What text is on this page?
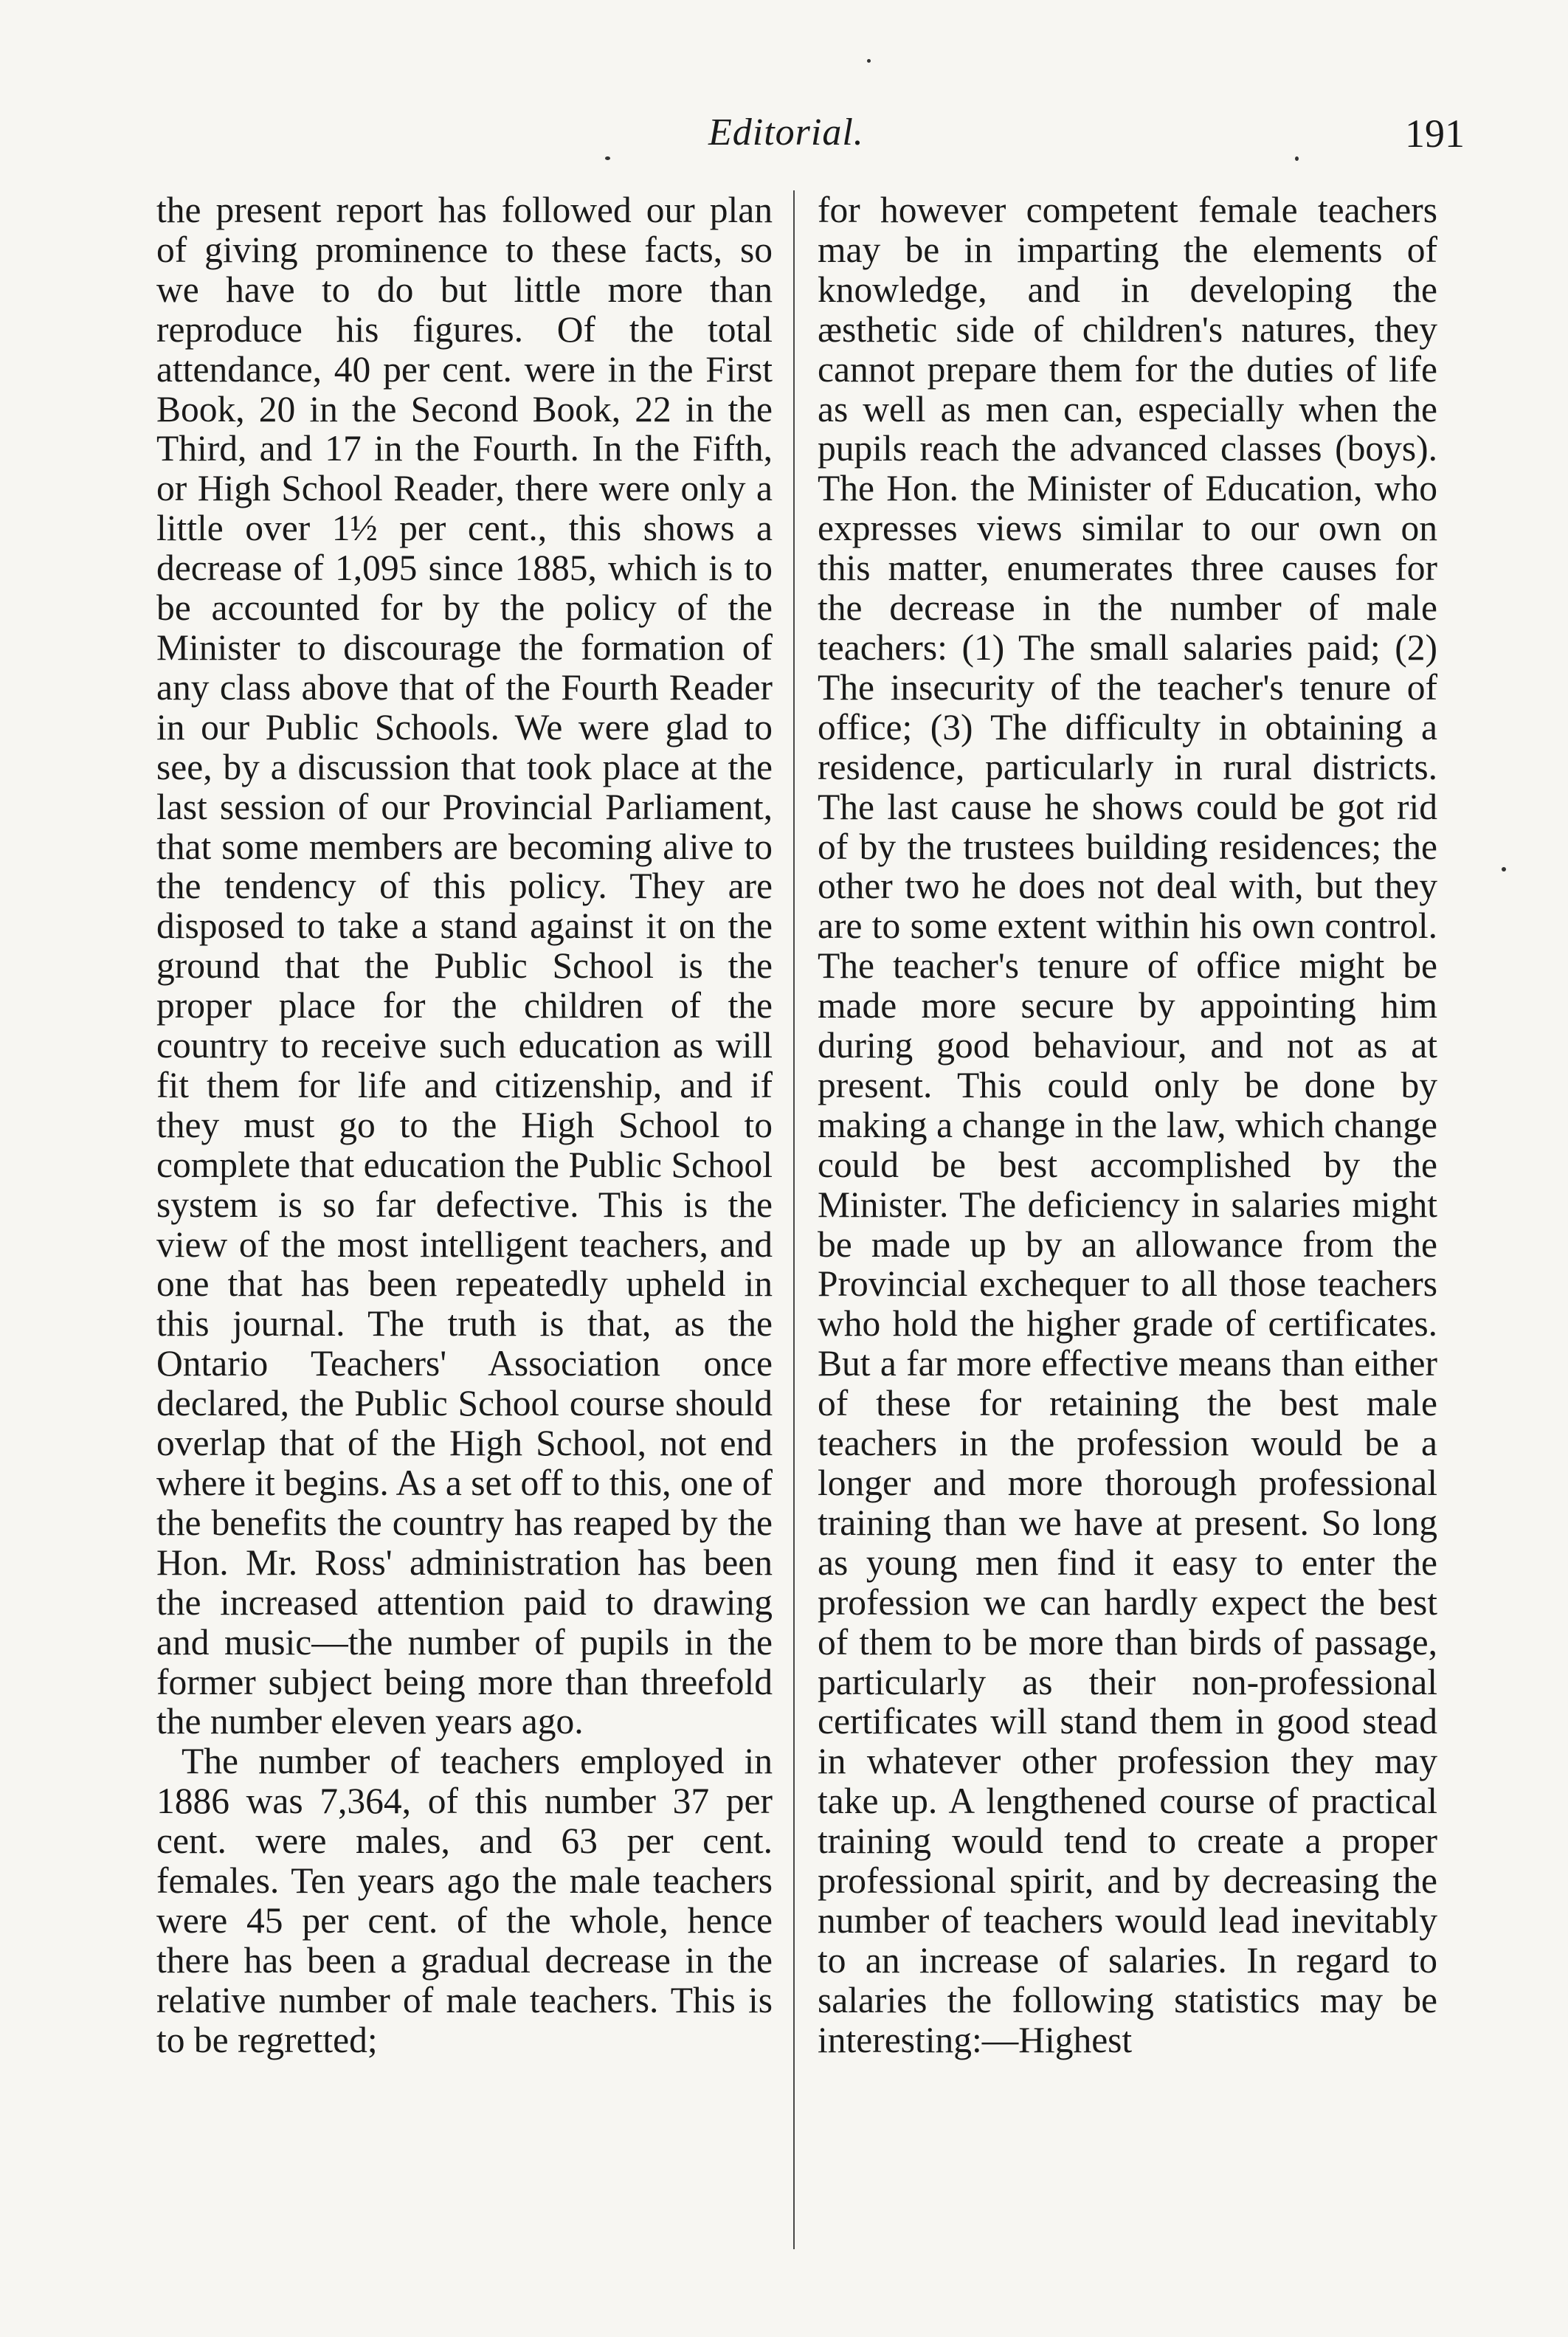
Editorial.	191

the present report has followed our plan of giving prominence to these facts, so we have to do but little more than reproduce his figures. Of the total attendance, 40 per cent. were in the First Book, 20 in the Second Book, 22 in the Third, and 17 in the Fourth. In the Fifth, or High School Reader, there were only a little over 1½ per cent., this shows a decrease of 1,095 since 1885, which is to be accounted for by the policy of the Minister to discourage the formation of any class above that of the Fourth Reader in our Public Schools. We were glad to see, by a discussion that took place at the last session of our Provincial Parliament, that some members are becoming alive to the tendency of this policy. They are disposed to take a stand against it on the ground that the Public School is the proper place for the children of the country to receive such education as will fit them for life and citizenship, and if they must go to the High School to complete that education the Public School system is so far defective. This is the view of the most intelligent teachers, and one that has been repeatedly upheld in this journal. The truth is that, as the Ontario Teachers' Association once declared, the Public School course should overlap that of the High School, not end where it begins. As a set off to this, one of the benefits the country has reaped by the Hon. Mr. Ross' administration has been the increased attention paid to drawing and music—the number of pupils in the former subject being more than threefold the number eleven years ago.

The number of teachers employed in 1886 was 7,364, of this number 37 per cent. were males, and 63 per cent. females. Ten years ago the male teachers were 45 per cent. of the whole, hence there has been a gradual decrease in the relative number of male teachers. This is to be regretted;

for however competent female teachers may be in imparting the elements of knowledge, and in developing the æsthetic side of children's natures, they cannot prepare them for the duties of life as well as men can, especially when the pupils reach the advanced classes (boys). The Hon. the Minister of Education, who expresses views similar to our own on this matter, enumerates three causes for the decrease in the number of male teachers: (1) The small salaries paid; (2) The insecurity of the teacher's tenure of office; (3) The difficulty in obtaining a residence, particularly in rural districts. The last cause he shows could be got rid of by the trustees building residences; the other two he does not deal with, but they are to some extent within his own control. The teacher's tenure of office might be made more secure by appointing him during good behaviour, and not as at present. This could only be done by making a change in the law, which change could be best accomplished by the Minister. The deficiency in salaries might be made up by an allowance from the Provincial exchequer to all those teachers who hold the higher grade of certificates. But a far more effective means than either of these for retaining the best male teachers in the profession would be a longer and more thorough professional training than we have at present. So long as young men find it easy to enter the profession we can hardly expect the best of them to be more than birds of passage, particularly as their non-professional certificates will stand them in good stead in whatever other profession they may take up. A lengthened course of practical training would tend to create a proper professional spirit, and by decreasing the number of teachers would lead inevitably to an increase of salaries. In regard to salaries the following statistics may be interesting:—Highest
